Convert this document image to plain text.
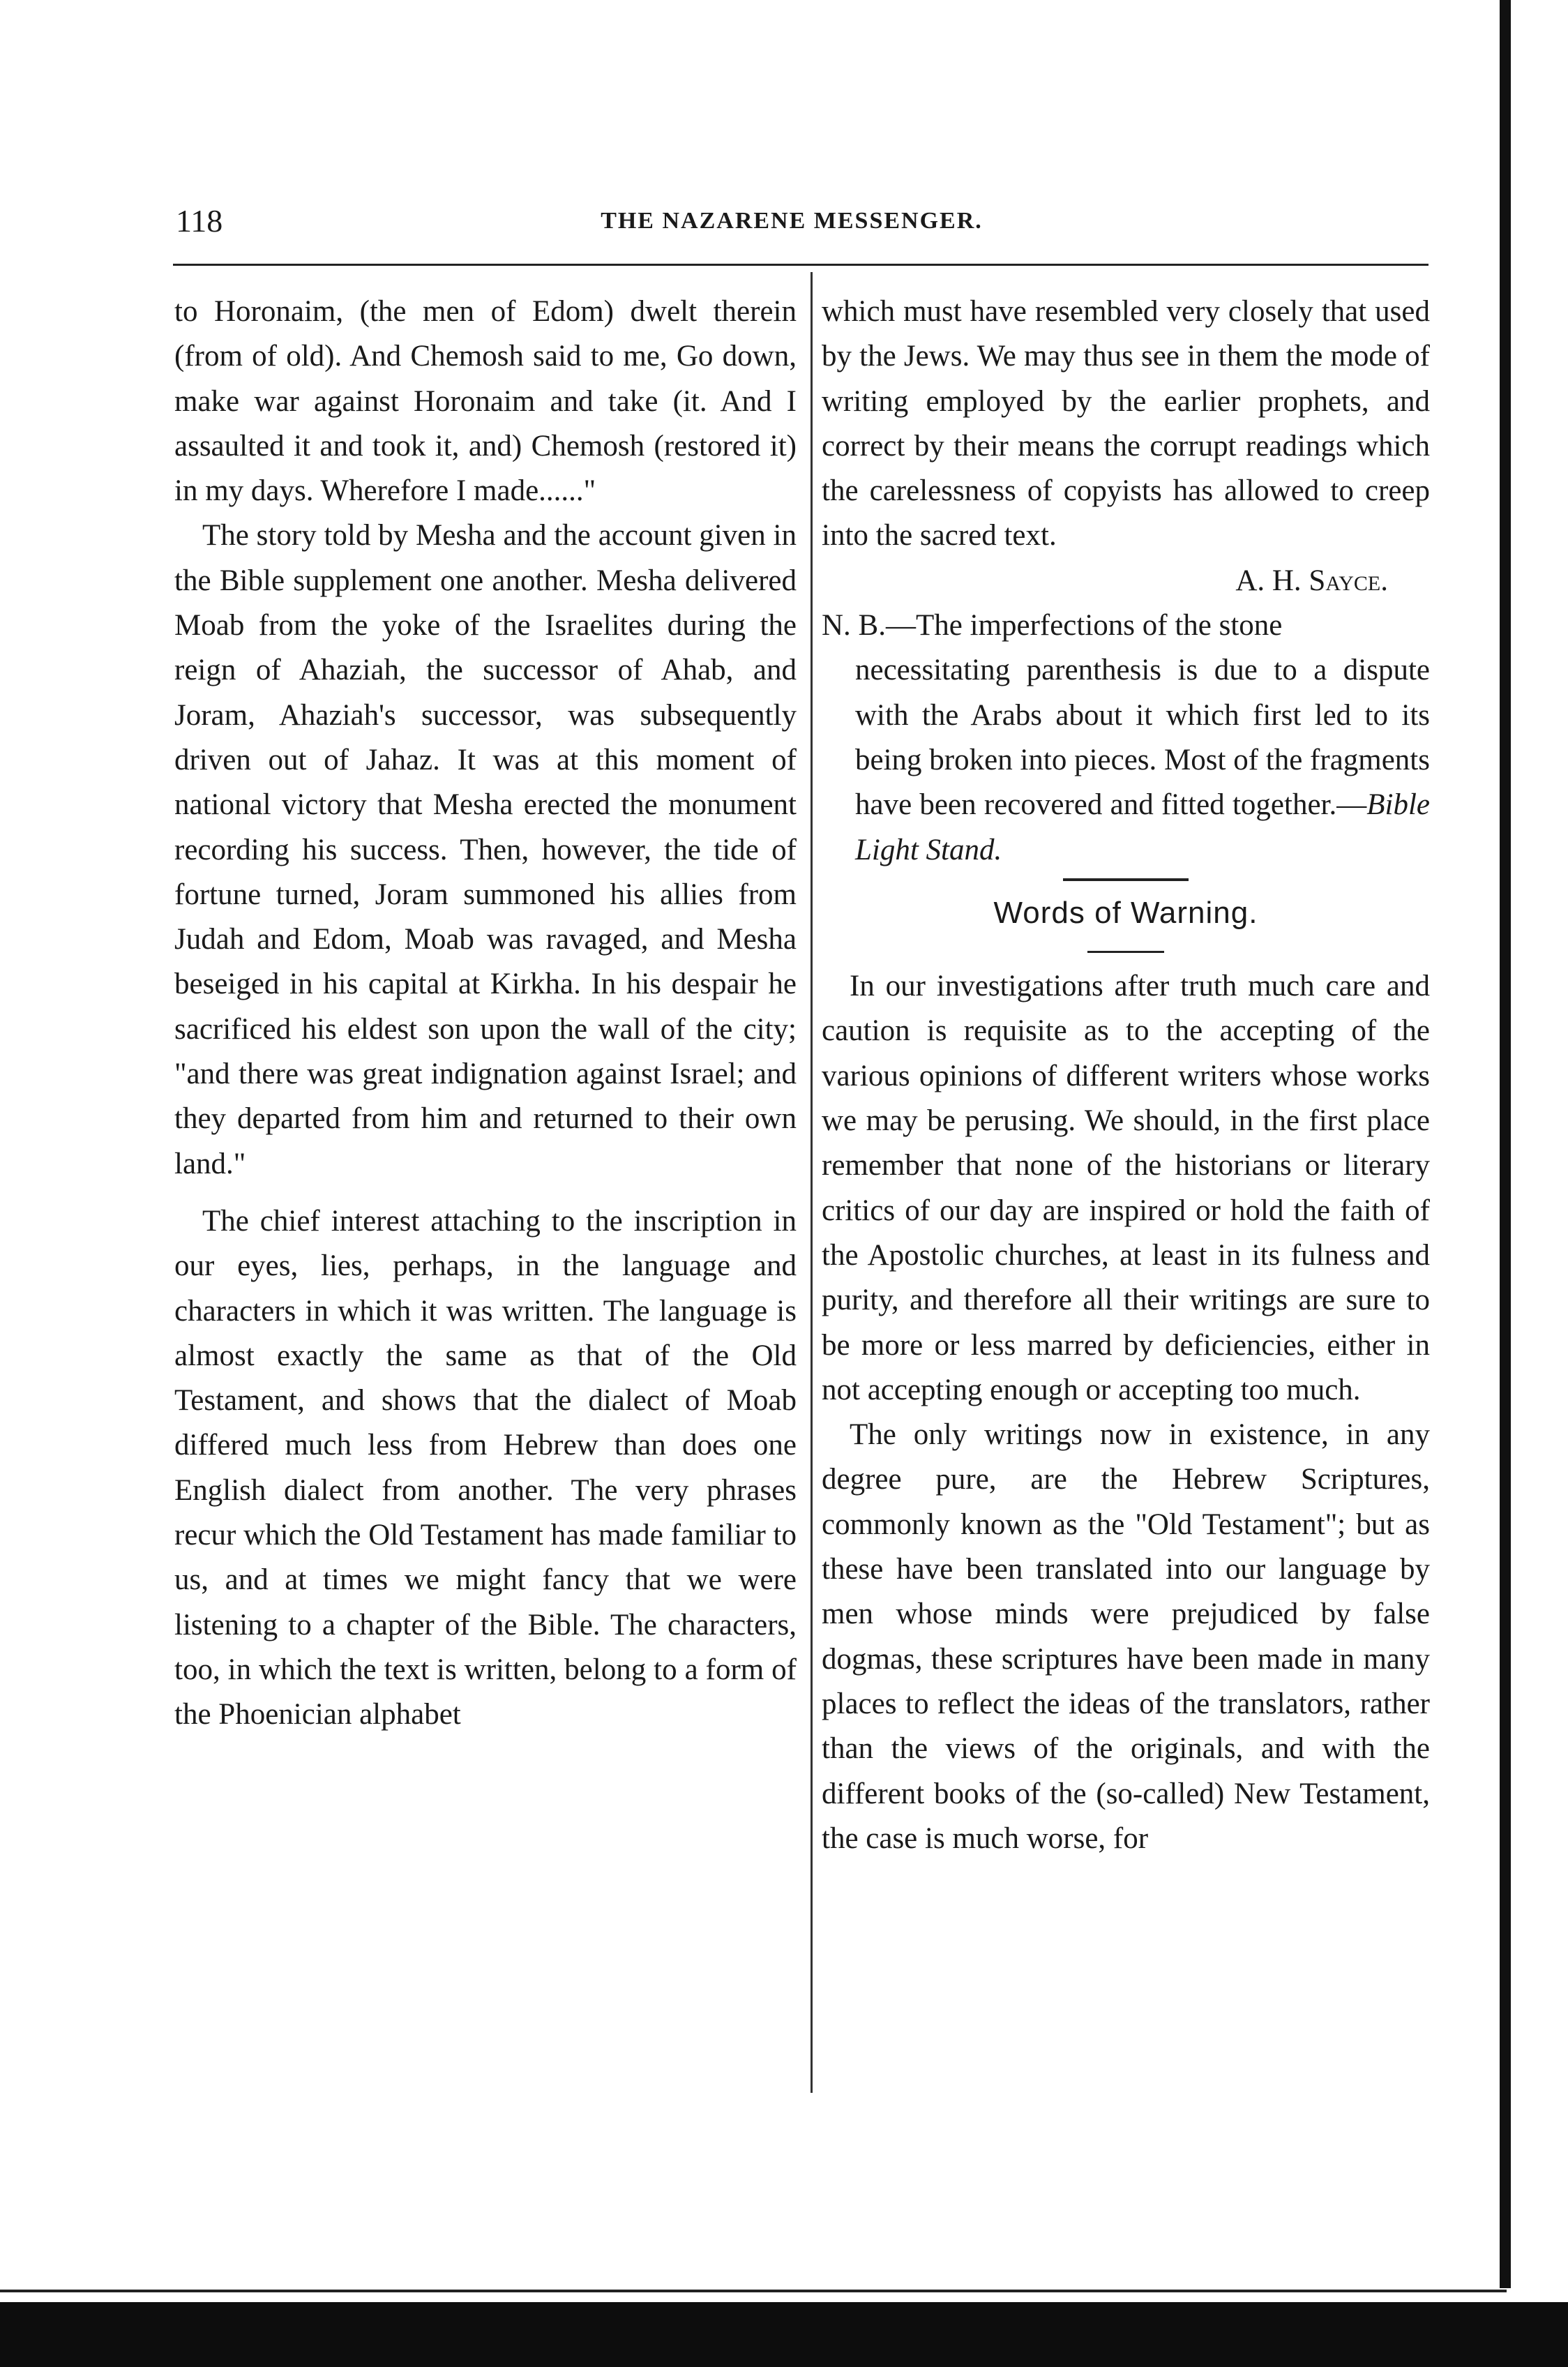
118	THE NAZARENE MESSENGER.

to Horonaim, (the men of Edom) dwelt therein (from of old). And Chemosh said to me, Go down, make war against Horonaim and take (it. And I assaulted it and took it, and) Chemosh (restored it) in my days. Wherefore I made......"

The story told by Mesha and the account given in the Bible supplement one another. Mesha delivered Moab from the yoke of the Israelites during the reign of Ahaziah, the successor of Ahab, and Joram, Ahaziah's successor, was subsequently driven out of Jahaz. It was at this moment of national victory that Mesha erected the monument recording his success. Then, however, the tide of fortune turned, Joram summoned his allies from Judah and Edom, Moab was ravaged, and Mesha beseiged in his capital at Kirkha. In his despair he sacrificed his eldest son upon the wall of the city; "and there was great indignation against Israel; and they departed from him and returned to their own land."

The chief interest attaching to the inscription in our eyes, lies, perhaps, in the language and characters in which it was written. The language is almost exactly the same as that of the Old Testament, and shows that the dialect of Moab differed much less from Hebrew than does one English dialect from another. The very phrases recur which the Old Testament has made familiar to us, and at times we might fancy that we were listening to a chapter of the Bible. The characters, too, in which the text is written, belong to a form of the Phoenician alphabet

which must have resembled very closely that used by the Jews. We may thus see in them the mode of writing employed by the earlier prophets, and correct by their means the corrupt readings which the carelessness of copyists has allowed to creep into the sacred text.

A. H. Sayce.

N. B.—The imperfections of the stone

necessitating parenthesis is due to a dispute with the Arabs about it which first led to its being broken into pieces. Most of the fragments have been recovered and fitted together.—Bible Light Stand.

Words of Warning.

In our investigations after truth much care and caution is requisite as to the accepting of the various opinions of different writers whose works we may be perusing. We should, in the first place remember that none of the historians or literary critics of our day are inspired or hold the faith of the Apostolic churches, at least in its fulness and purity, and therefore all their writings are sure to be more or less marred by deficiencies, either in not accepting enough or accepting too much.

The only writings now in existence, in any degree pure, are the Hebrew Scriptures, commonly known as the "Old Testament"; but as these have been translated into our language by men whose minds were prejudiced by false dogmas, these scriptures have been made in many places to reflect the ideas of the translators, rather than the views of the originals, and with the different books of the (so-called) New Testament, the case is much worse, for
